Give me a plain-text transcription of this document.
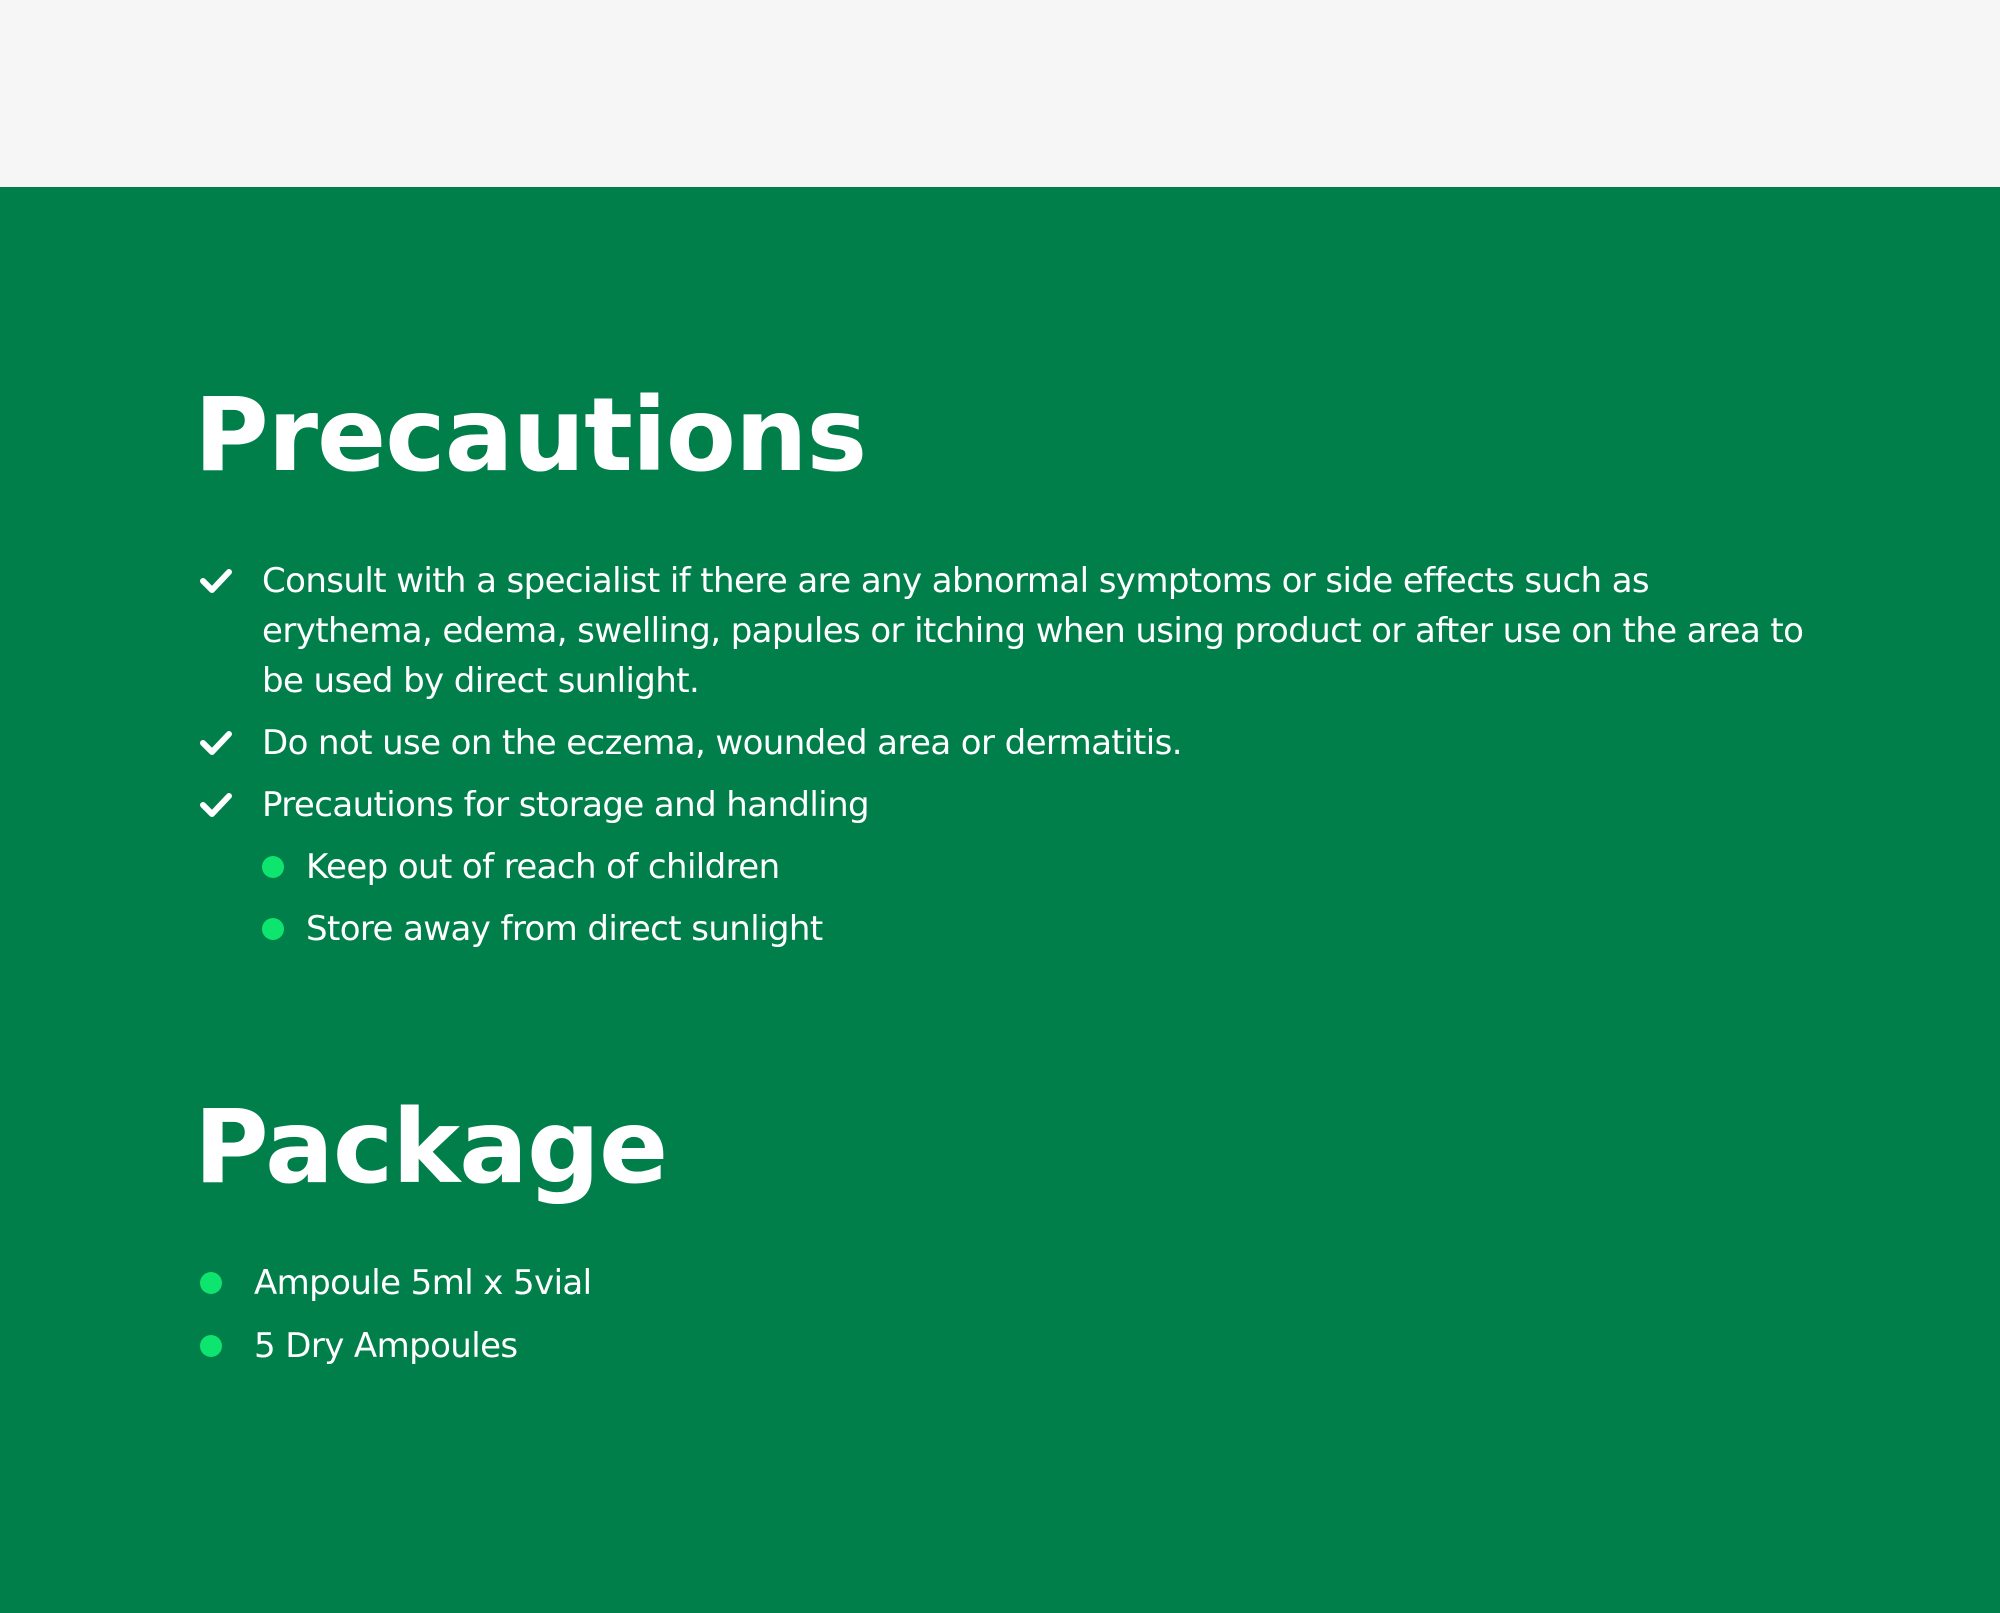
Precautions
Consult with a specialist if there are any abnormal symptoms or side effects such as erythema, edema, swelling, papules or itching when using product or after use on the area to be used by direct sunlight.
Do not use on the eczema, wounded area or dermatitis.
Precautions for storage and handling
Keep out of reach of children
Store away from direct sunlight
Package
Ampoule 5ml x 5vial
5 Dry Ampoules
